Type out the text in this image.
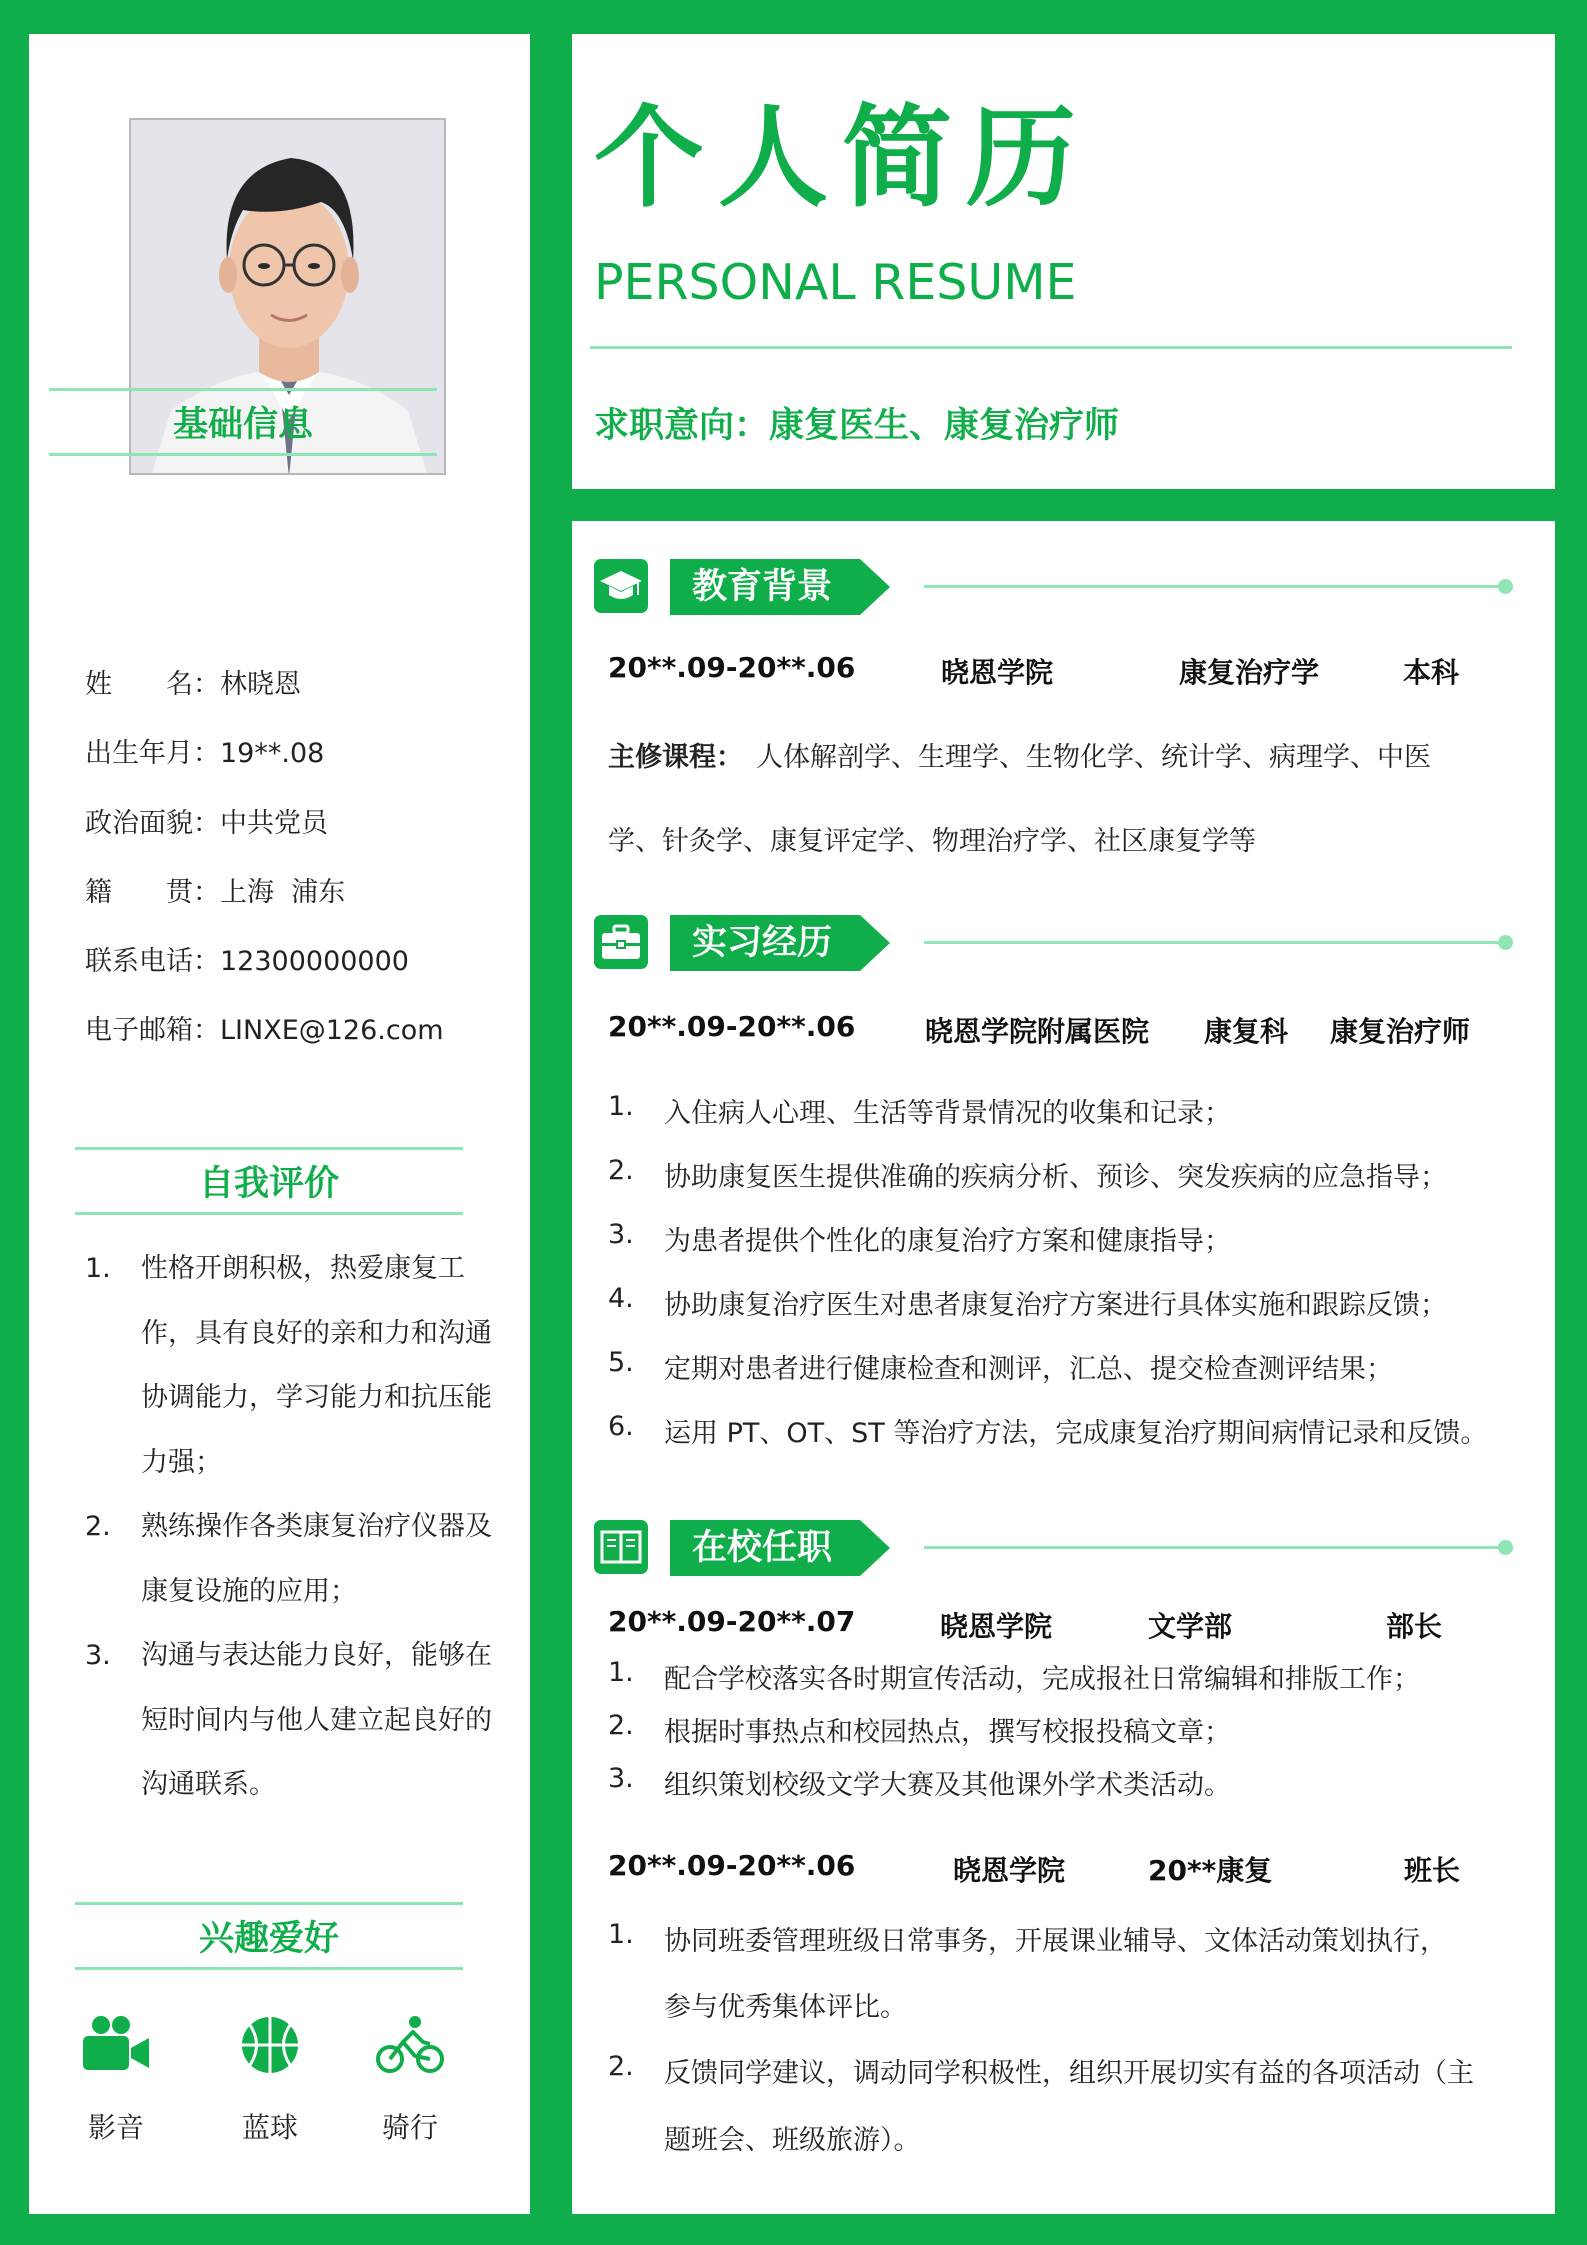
基础信息
姓　　名：林晓恩
出生年月：19**.08
政治面貌：中共党员
籍　　贯：上海  浦东
联系电话：12300000000
电子邮箱：LINXE@126.com
自我评价
1.	性格开朗积极，热爱康复工作，具有良好的亲和力和沟通协调能力，学习能力和抗压能力强；
2.	熟练操作各类康复治疗仪器及康复设施的应用；
3.	沟通与表达能力良好，能够在短时间内与他人建立起良好的沟通联系。
兴趣爱好
影音	蓝球	骑行
个人简历
PERSONAL RESUME
求职意向：康复医生、康复治疗师
教育背景
20**.09-20**.06	晓恩学院	康复治疗学	本科
主修课程： 人体解剖学、生理学、生物化学、统计学、病理学、中医
学、针灸学、康复评定学、物理治疗学、社区康复学等
实习经历
20**.09-20**.06 晓恩学院附属医院 康复科 康复治疗师
1. 入住病人心理、生活等背景情况的收集和记录；
2. 协助康复医生提供准确的疾病分析、预诊、突发疾病的应急指导；
3. 为患者提供个性化的康复治疗方案和健康指导；
4. 协助康复治疗医生对患者康复治疗方案进行具体实施和跟踪反馈；
5. 定期对患者进行健康检查和测评，汇总、提交检查测评结果；
6. 运用 PT、OT、ST 等治疗方法，完成康复治疗期间病情记录和反馈。
在校任职
20**.09-20**.07	晓恩学院	文学部	部长
1. 配合学校落实各时期宣传活动，完成报社日常编辑和排版工作；
2. 根据时事热点和校园热点，撰写校报投稿文章；
3. 组织策划校级文学大赛及其他课外学术类活动。
20**.09-20**.06	晓恩学院	20**康复	班长
1. 协同班委管理班级日常事务，开展课业辅导、文体活动策划执行，
参与优秀集体评比。
2. 反馈同学建议，调动同学积极性，组织开展切实有益的各项活动（主
题班会、班级旅游）。
